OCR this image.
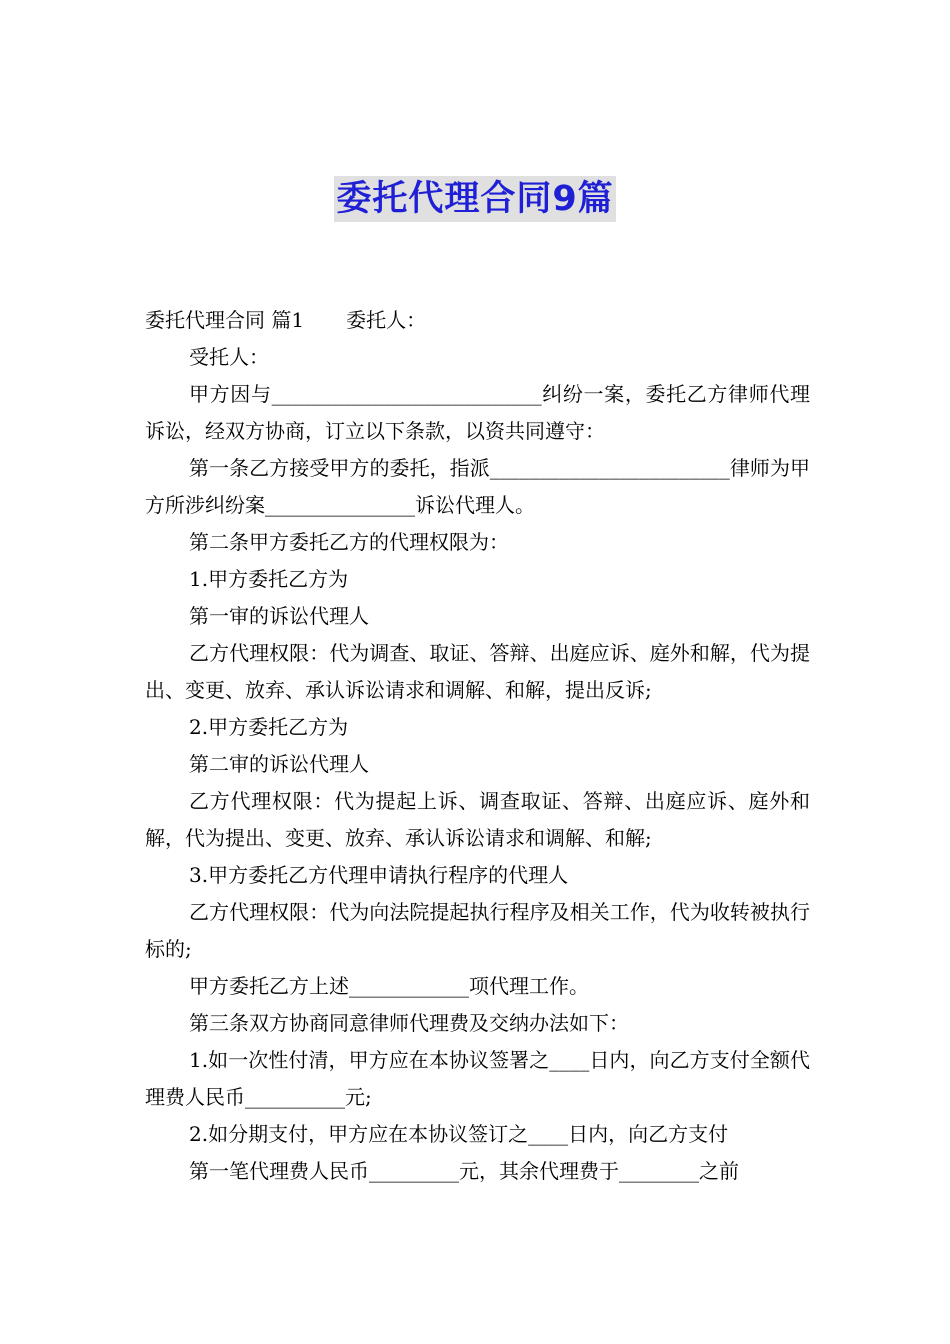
委托代理合同9篇

委托代理合同 篇1 委托人：

受托人：

甲方因与___________________________纠纷一案，委托乙方律师代理诉讼，经双方协商，订立以下条款，以资共同遵守：

第一条乙方接受甲方的委托，指派________________________律师为甲方所涉纠纷案_______________诉讼代理人。

第二条甲方委托乙方的代理权限为：

1.甲方委托乙方为

第一审的诉讼代理人

乙方代理权限：代为调查、取证、答辩、出庭应诉、庭外和解，代为提出、变更、放弃、承认诉讼请求和调解、和解，提出反诉;

2.甲方委托乙方为

第二审的诉讼代理人

乙方代理权限：代为提起上诉、调查取证、答辩、出庭应诉、庭外和解，代为提出、变更、放弃、承认诉讼请求和调解、和解;

3.甲方委托乙方代理申请执行程序的代理人

乙方代理权限：代为向法院提起执行程序及相关工作，代为收转被执行标的;

甲方委托乙方上述____________项代理工作。

第三条双方协商同意律师代理费及交纳办法如下：

1.如一次性付清，甲方应在本协议签署之____日内，向乙方支付全额代理费人民币__________元;

2.如分期支付，甲方应在本协议签订之____日内，向乙方支付

第一笔代理费人民币_________元，其余代理费于________之前
